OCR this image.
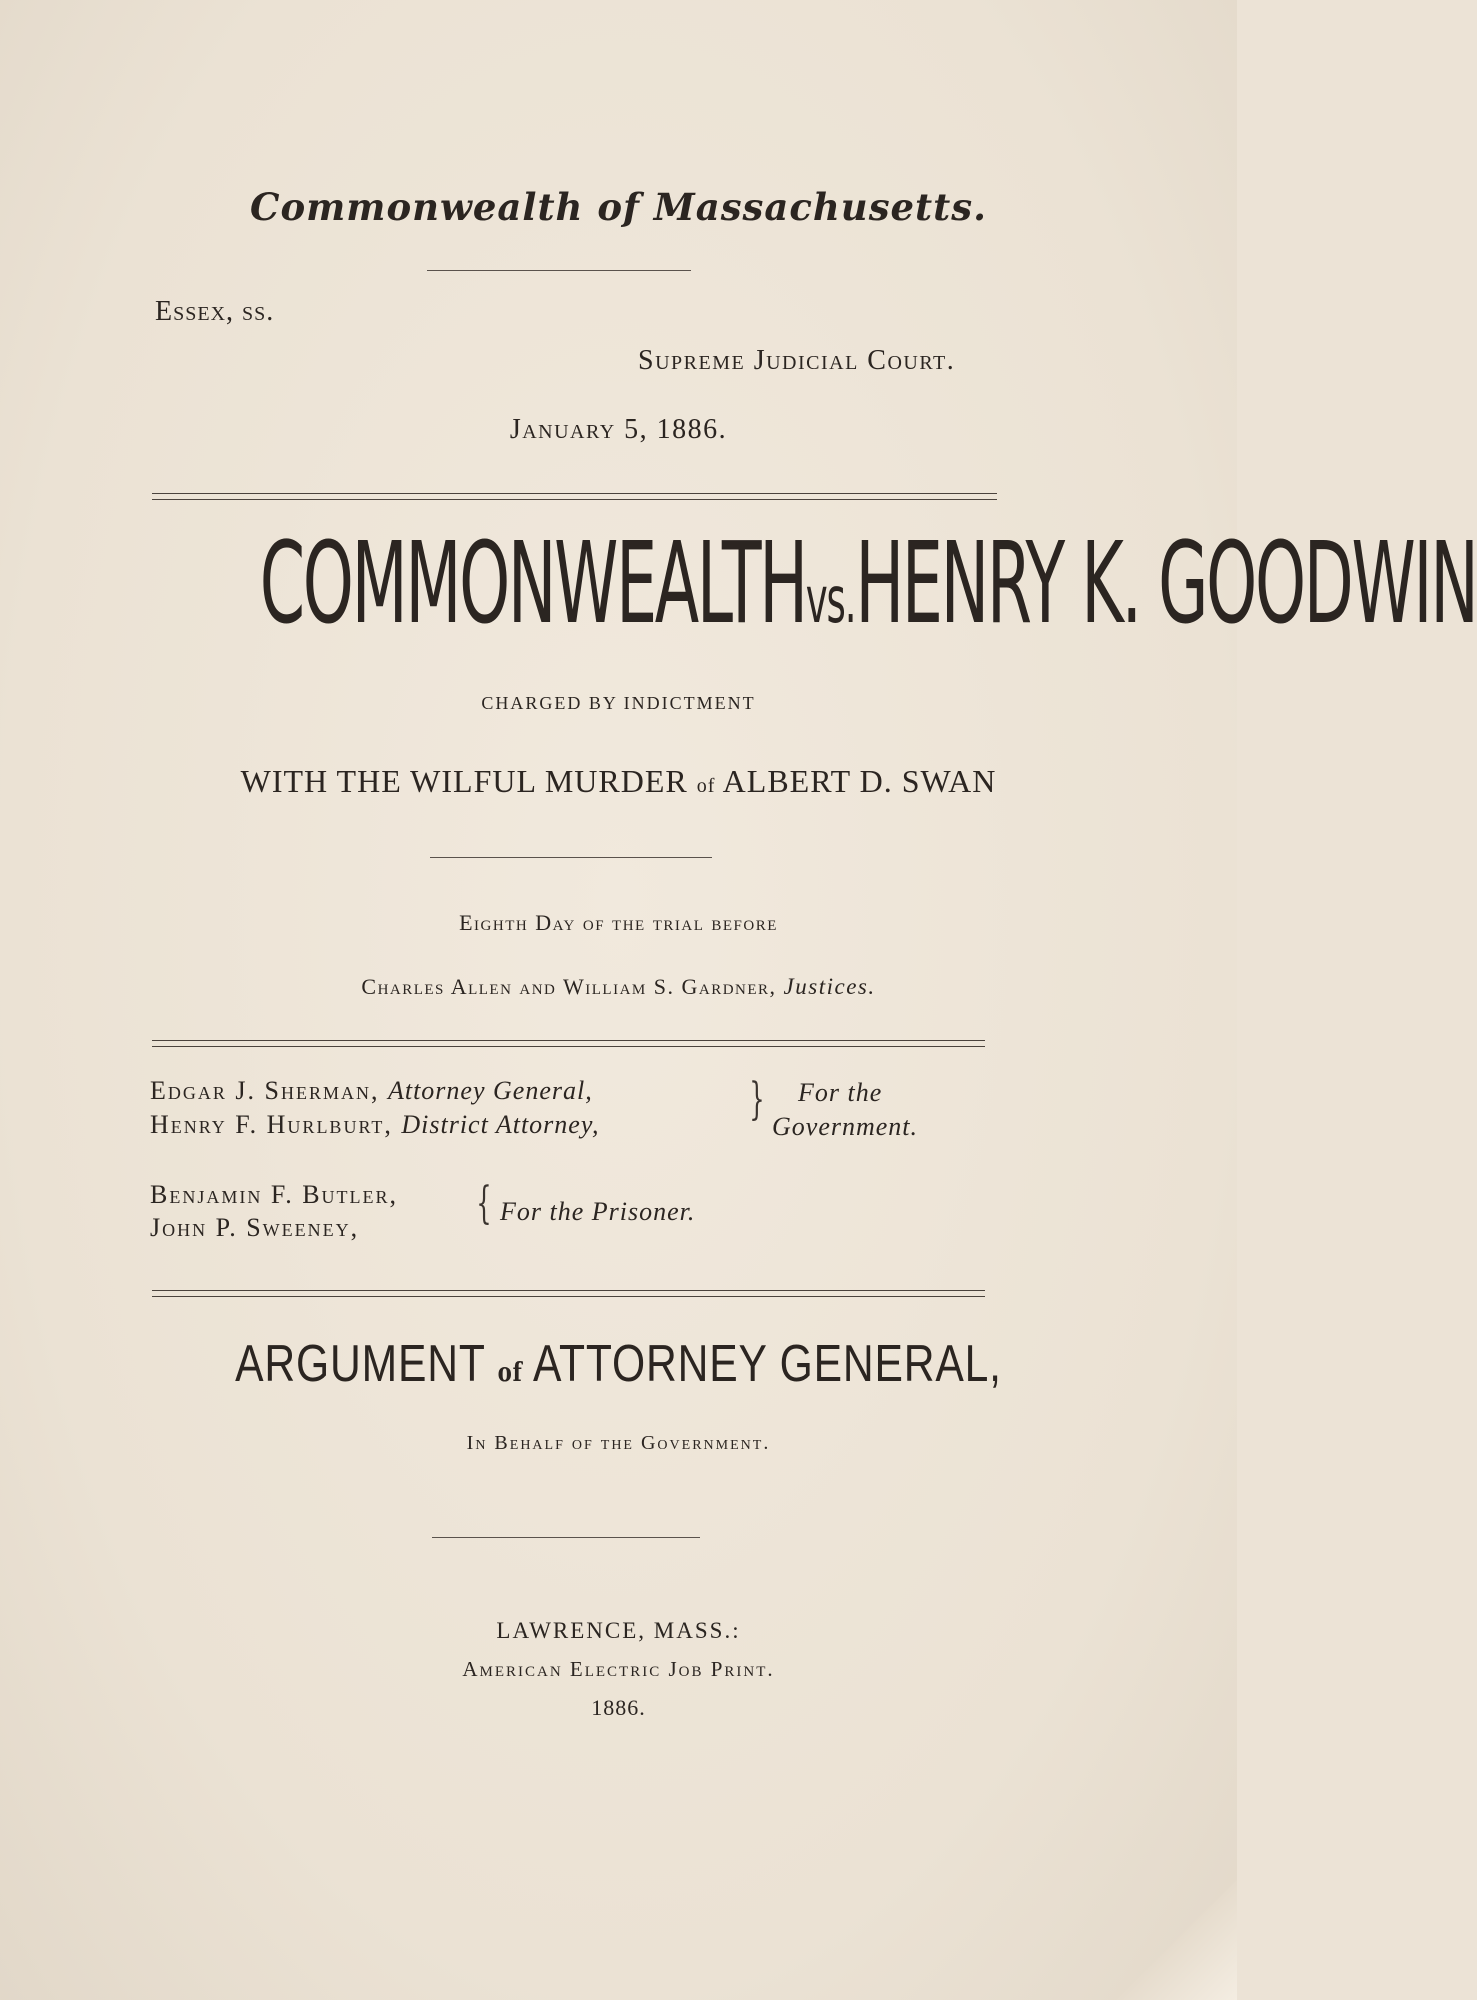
Commonwealth of Massachusetts.
Essex, ss.
Supreme Judicial Court.
January 5, 1886.
COMMONWEALTHvs.HENRY K. GOODWIN
CHARGED BY INDICTMENT
WITH THE WILFUL MURDER of ALBERT D. SWAN
Eighth Day of the trial before
Charles Allen and William S. Gardner, Justices.
Edgar J. Sherman, Attorney General,
Henry F. Hurlburt, District Attorney,	} For the
Government.
Benjamin F. Butler,
John P. Sweeney,	{ For the Prisoner.
ARGUMENT of ATTORNEY GENERAL,
In Behalf of the Government.
LAWRENCE, MASS.:
American Electric Job Print.
1886.
